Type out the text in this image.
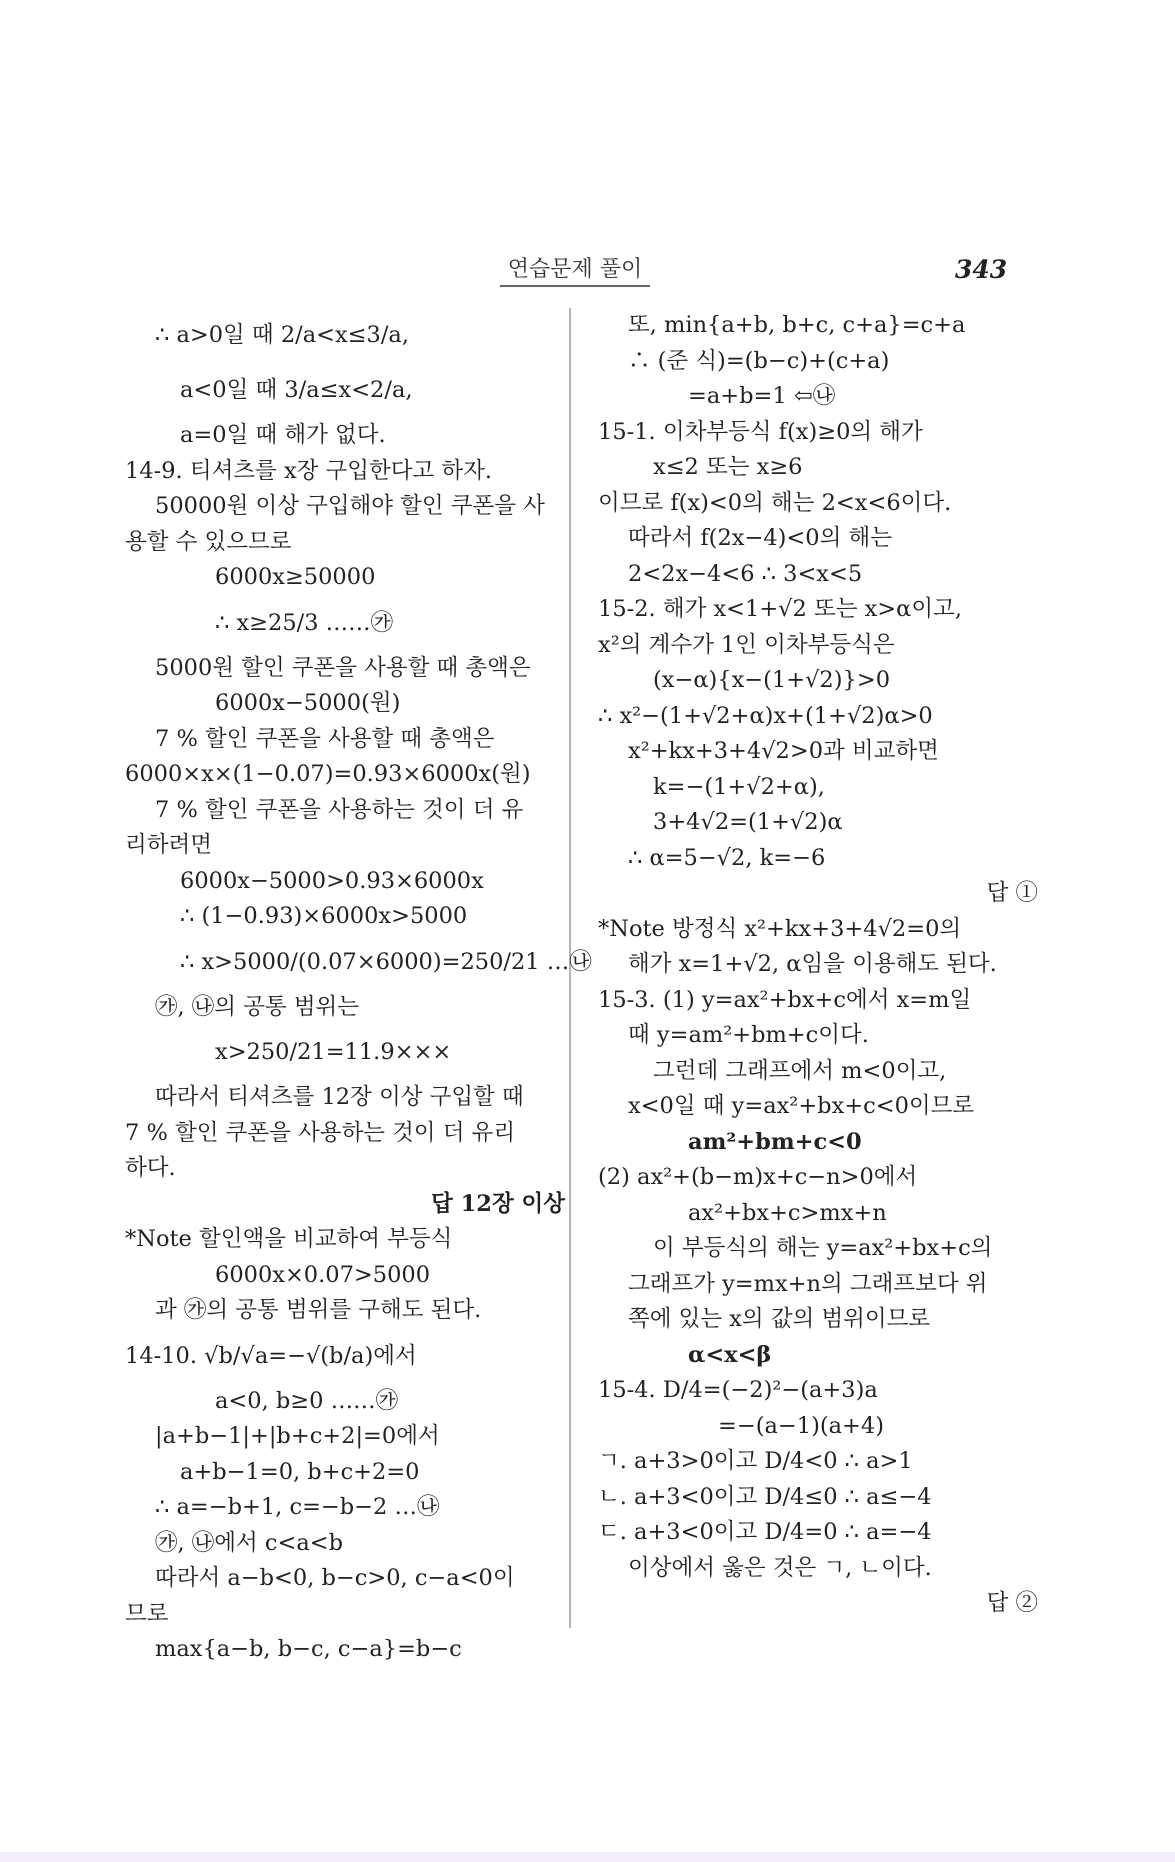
연습문제 풀이	343
∴ a>0일 때 2/a<x≤3/a,
a<0일 때 3/a≤x<2/a,
a=0일 때 해가 없다.
14-9. 티셔츠를 x장 구입한다고 하자.
50000원 이상 구입해야 할인 쿠폰을 사
용할 수 있으므로
6000x≥50000
∴ x≥25/3 ……㉮
5000원 할인 쿠폰을 사용할 때 총액은
6000x−5000(원)
7 % 할인 쿠폰을 사용할 때 총액은
6000×x×(1−0.07)=0.93×6000x(원)
7 % 할인 쿠폰을 사용하는 것이 더 유
리하려면
6000x−5000>0.93×6000x
∴ (1−0.93)×6000x>5000
∴ x>5000/(0.07×6000)=250/21 …㉯
㉮, ㉯의 공통 범위는
x>250/21=11.9×××
따라서 티셔츠를 12장 이상 구입할 때
7 % 할인 쿠폰을 사용하는 것이 더 유리
하다.
답 12장 이상
*Note 할인액을 비교하여 부등식
6000x×0.07>5000
과 ㉮의 공통 범위를 구해도 된다.
14-10. √b/√a=−√(b/a)에서
a<0, b≥0 ……㉮
|a+b−1|+|b+c+2|=0에서
a+b−1=0, b+c+2=0
∴ a=−b+1, c=−b−2 …㉯
㉮, ㉯에서 c<a<b
따라서 a−b<0, b−c>0, c−a<0이
므로
max{a−b, b−c, c−a}=b−c
또, min{a+b, b+c, c+a}=c+a
∴ (준 식)=(b−c)+(c+a)
=a+b=1 ⇦㉯
15-1. 이차부등식 f(x)≥0의 해가
x≤2 또는 x≥6
이므로 f(x)<0의 해는 2<x<6이다.
따라서 f(2x−4)<0의 해는
2<2x−4<6 ∴ 3<x<5
15-2. 해가 x<1+√2 또는 x>α이고,
x²의 계수가 1인 이차부등식은
(x−α){x−(1+√2)}>0
∴ x²−(1+√2+α)x+(1+√2)α>0
x²+kx+3+4√2>0과 비교하면
k=−(1+√2+α),
3+4√2=(1+√2)α
∴ α=5−√2, k=−6
답 ①
*Note 방정식 x²+kx+3+4√2=0의
해가 x=1+√2, α임을 이용해도 된다.
15-3. (1) y=ax²+bx+c에서 x=m일
때 y=am²+bm+c이다.
그런데 그래프에서 m<0이고,
x<0일 때 y=ax²+bx+c<0이므로
am²+bm+c<0
(2) ax²+(b−m)x+c−n>0에서
ax²+bx+c>mx+n
이 부등식의 해는 y=ax²+bx+c의
그래프가 y=mx+n의 그래프보다 위
쪽에 있는 x의 값의 범위이므로
α<x<β
15-4. D/4=(−2)²−(a+3)a
=−(a−1)(a+4)
ㄱ. a+3>0이고 D/4<0 ∴ a>1
ㄴ. a+3<0이고 D/4≤0 ∴ a≤−4
ㄷ. a+3<0이고 D/4=0 ∴ a=−4
이상에서 옳은 것은 ㄱ, ㄴ이다.
답 ②
